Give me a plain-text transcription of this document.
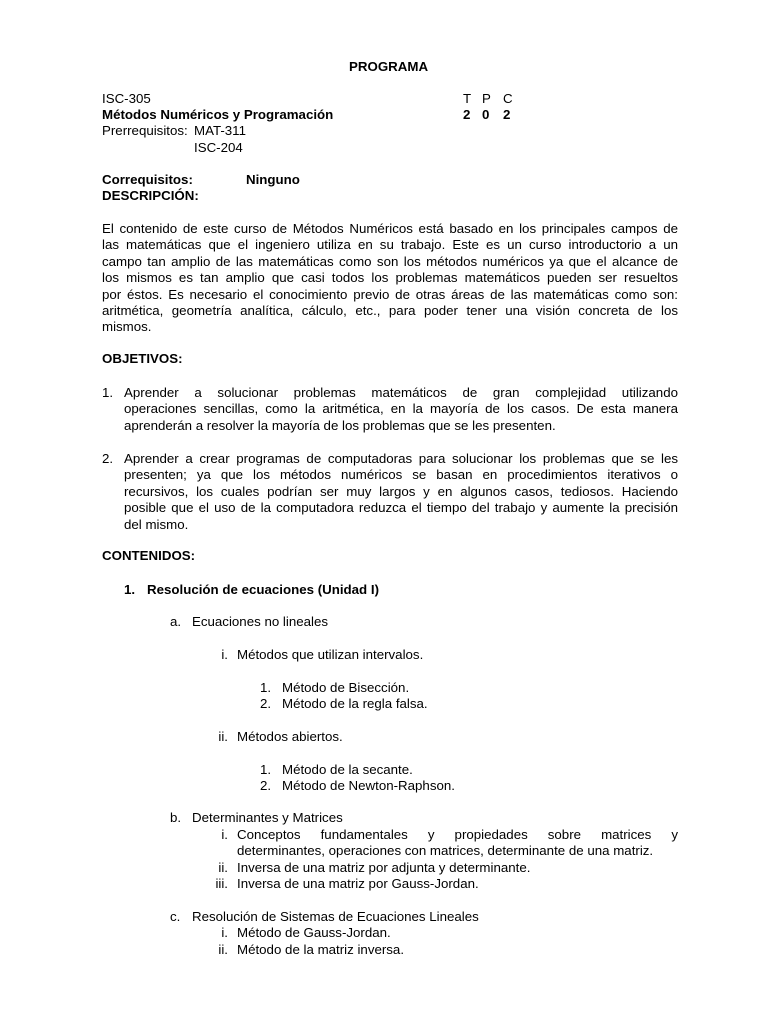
PROGRAMA
ISC-305
Métodos Numéricos y Programación
Prerrequisitos: MAT-311
ISC-204
T P C
2 0 2
Correquisitos:	Ninguno
DESCRIPCIÓN:
El contenido de este curso de Métodos Numéricos está basado en los principales campos de
las matemáticas que el ingeniero utiliza en su trabajo. Este es un curso introductorio a un
campo tan amplio de las matemáticas como son los métodos numéricos ya que el alcance de
los mismos es tan amplio que casi todos los problemas matemáticos pueden ser resueltos
por éstos. Es necesario el conocimiento previo de otras áreas de las matemáticas como son:
aritmética, geometría analítica, cálculo, etc., para poder tener una visión concreta de los
mismos.
OBJETIVOS:
1. Aprender a solucionar problemas matemáticos de gran complejidad utilizando
operaciones sencillas, como la aritmética, en la mayoría de los casos. De esta manera
aprenderán a resolver la mayoría de los problemas que se les presenten.
2. Aprender a crear programas de computadoras para solucionar los problemas que se les
presenten; ya que los métodos numéricos se basan en procedimientos iterativos o
recursivos, los cuales podrían ser muy largos y en algunos casos, tediosos. Haciendo
posible que el uso de la computadora reduzca el tiempo del trabajo y aumente la precisión
del mismo.
CONTENIDOS:
1. Resolución de ecuaciones (Unidad I)
a. Ecuaciones no lineales
i. Métodos que utilizan intervalos.
1. Método de Bisección.
2. Método de la regla falsa.
ii. Métodos abiertos.
1. Método de la secante.
2. Método de Newton-Raphson.
b. Determinantes y Matrices
i. Conceptos fundamentales y propiedades sobre matrices y
determinantes, operaciones con matrices, determinante de una matriz.
ii. Inversa de una matriz por adjunta y determinante.
iii. Inversa de una matriz por Gauss-Jordan.
c. Resolución de Sistemas de Ecuaciones Lineales
i. Método de Gauss-Jordan.
ii. Método de la matriz inversa.
